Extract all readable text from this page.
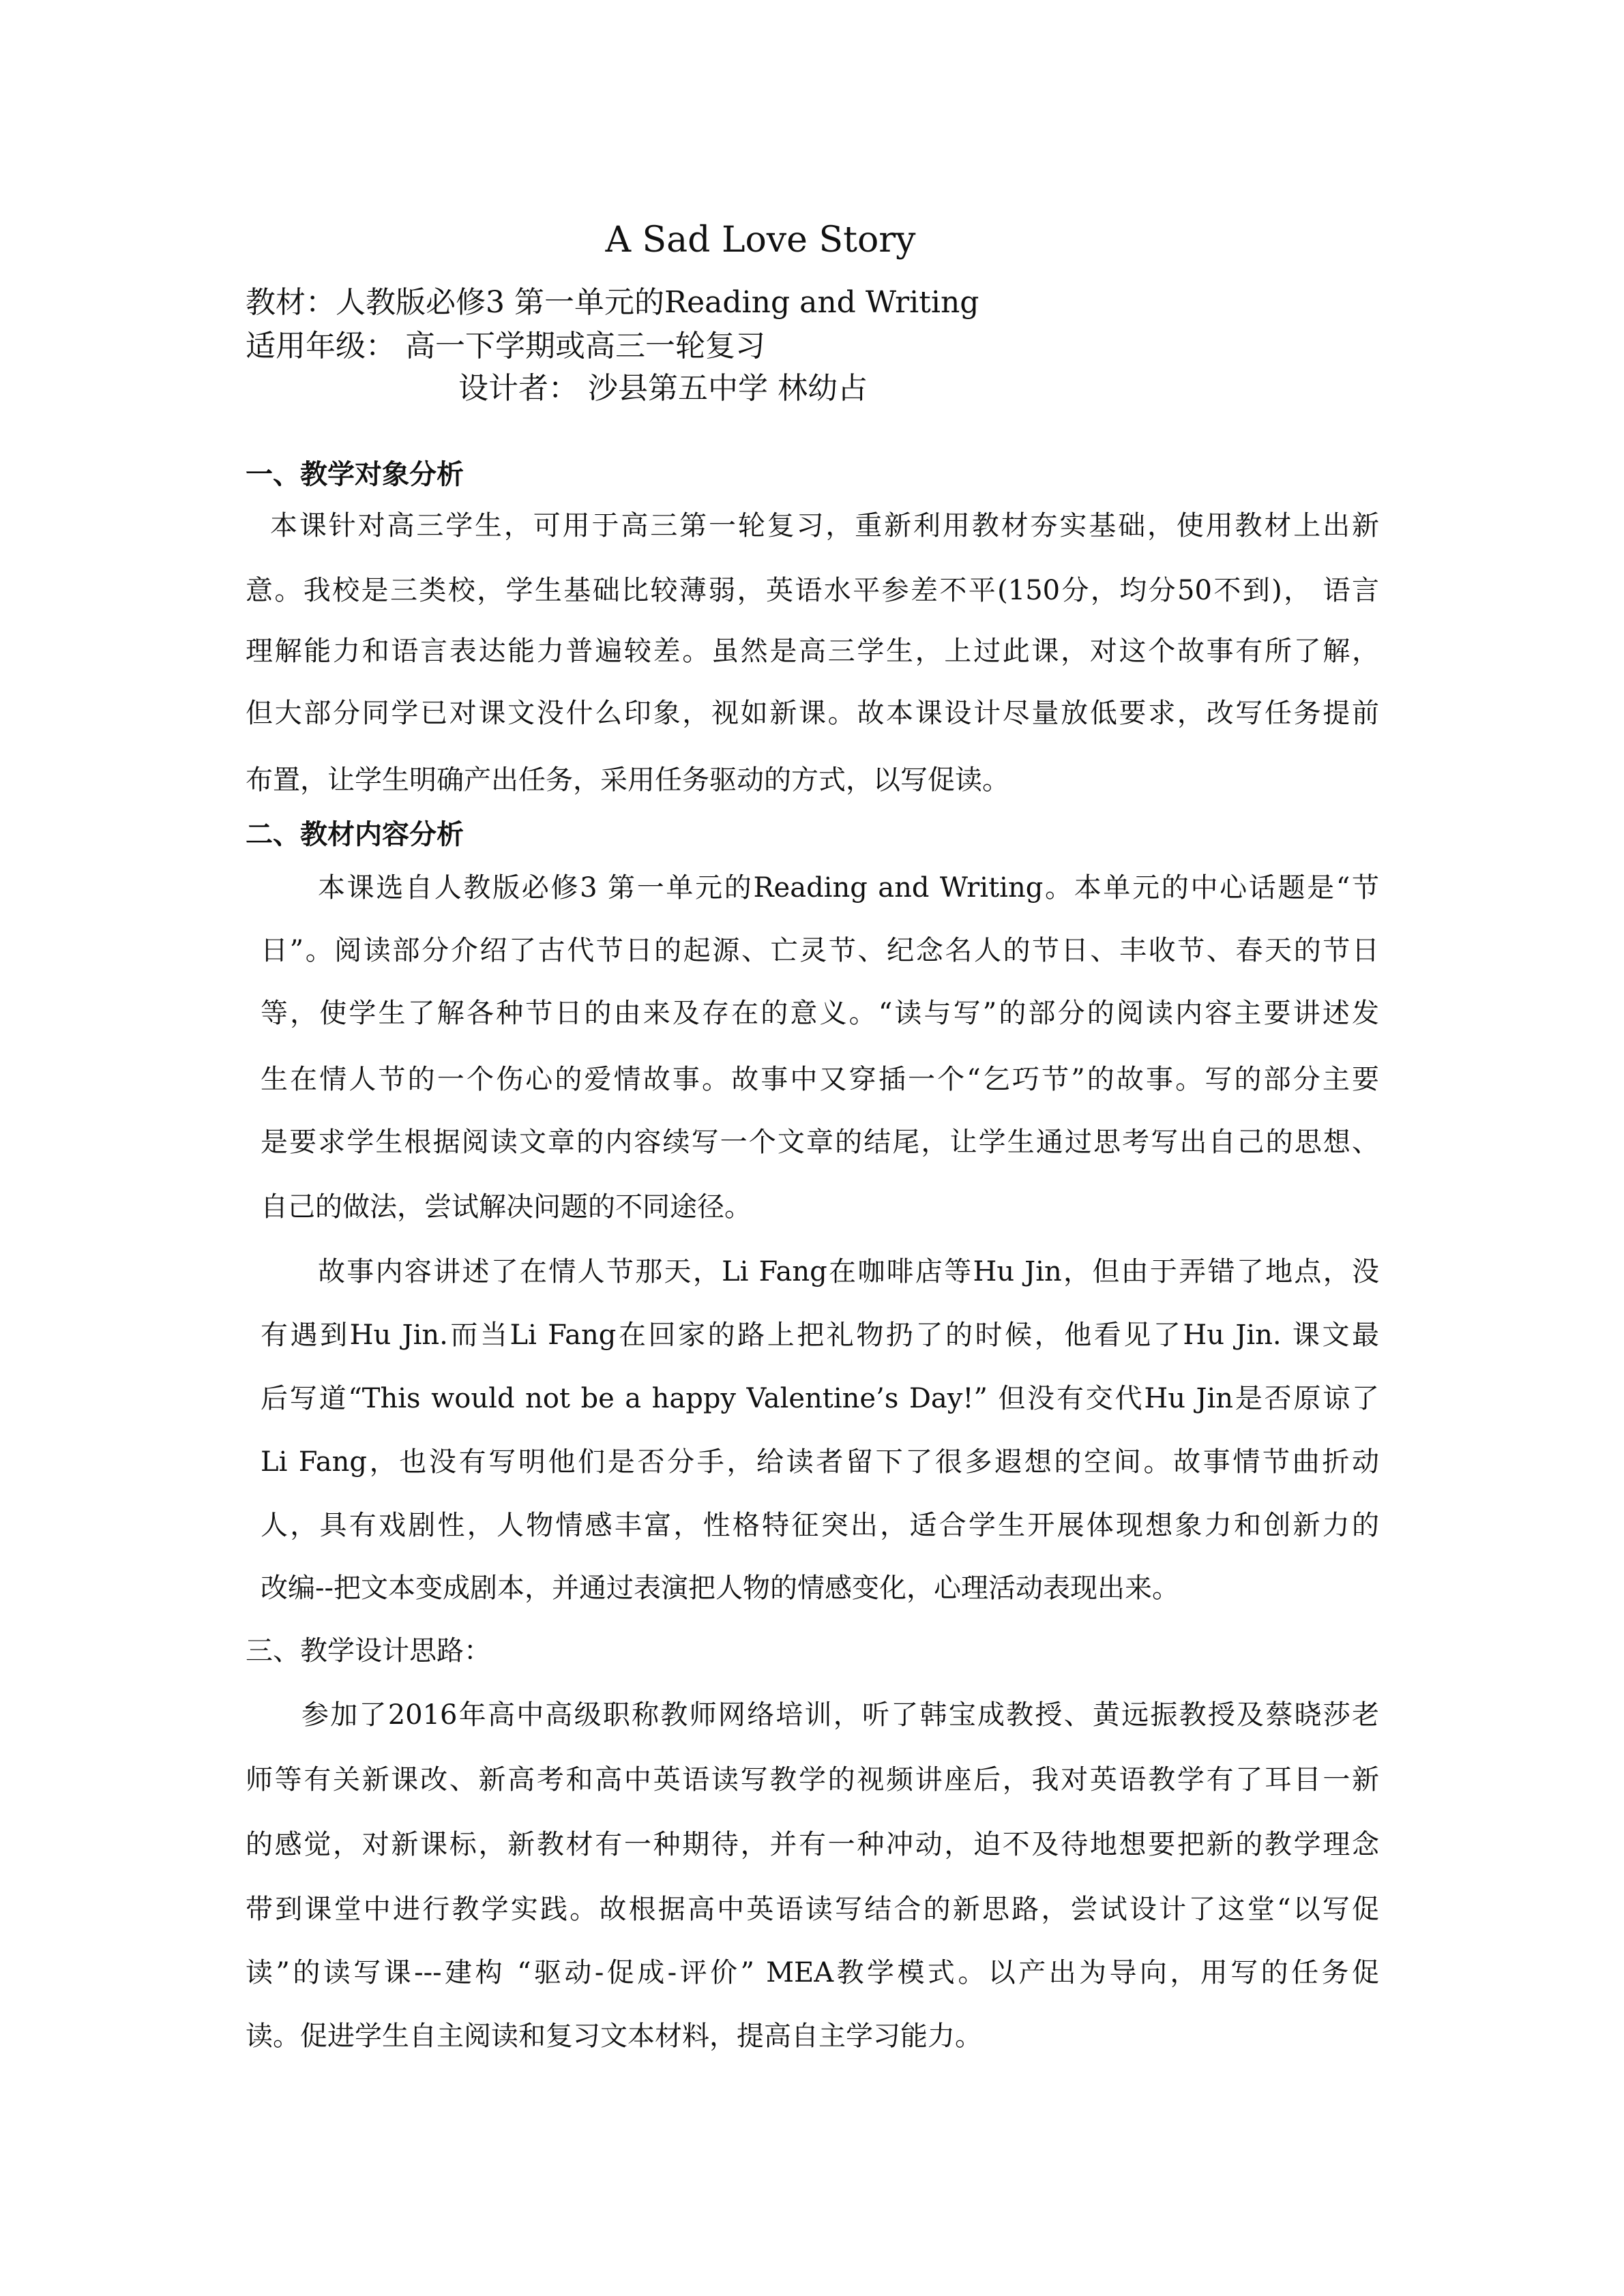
A Sad Love Story
教材：人教版必修3 第一单元的Reading and Writing
适用年级： 高一下学期或高三一轮复习
设计者： 沙县第五中学 林幼占
一、教学对象分析
本课针对高三学生，可用于高三第一轮复习，重新利用教材夯实基础，使用教材上出新
意。我校是三类校，学生基础比较薄弱，英语水平参差不平(150分，均分50不到)， 语言
理解能力和语言表达能力普遍较差。虽然是高三学生，上过此课，对这个故事有所了解，
但大部分同学已对课文没什么印象，视如新课。故本课设计尽量放低要求，改写任务提前
布置，让学生明确产出任务，采用任务驱动的方式，以写促读。
二、教材内容分析
本课选自人教版必修3 第一单元的Reading and Writing。本单元的中心话题是“节
日”。阅读部分介绍了古代节日的起源、亡灵节、纪念名人的节日、丰收节、春天的节日
等，使学生了解各种节日的由来及存在的意义。“读与写”的部分的阅读内容主要讲述发
生在情人节的一个伤心的爱情故事。故事中又穿插一个“乞巧节”的故事。写的部分主要
是要求学生根据阅读文章的内容续写一个文章的结尾，让学生通过思考写出自己的思想、
自己的做法，尝试解决问题的不同途径。
故事内容讲述了在情人节那天，Li Fang在咖啡店等Hu Jin，但由于弄错了地点，没
有遇到Hu Jin.而当Li Fang在回家的路上把礼物扔了的时候，他看见了Hu Jin. 课文最
后写道“This would not be a happy Valentine’s Day!” 但没有交代Hu Jin是否原谅了
Li Fang，也没有写明他们是否分手，给读者留下了很多遐想的空间。故事情节曲折动
人，具有戏剧性，人物情感丰富，性格特征突出，适合学生开展体现想象力和创新力的
改编--把文本变成剧本，并通过表演把人物的情感变化，心理活动表现出来。
三、教学设计思路：
参加了2016年高中高级职称教师网络培训，听了韩宝成教授、黄远振教授及蔡晓莎老
师等有关新课改、新高考和高中英语读写教学的视频讲座后，我对英语教学有了耳目一新
的感觉，对新课标，新教材有一种期待，并有一种冲动，迫不及待地想要把新的教学理念
带到课堂中进行教学实践。故根据高中英语读写结合的新思路，尝试设计了这堂“以写促
读”的读写课---建构 “驱动-促成-评价” MEA教学模式。以产出为导向，用写的任务促
读。促进学生自主阅读和复习文本材料，提高自主学习能力。
